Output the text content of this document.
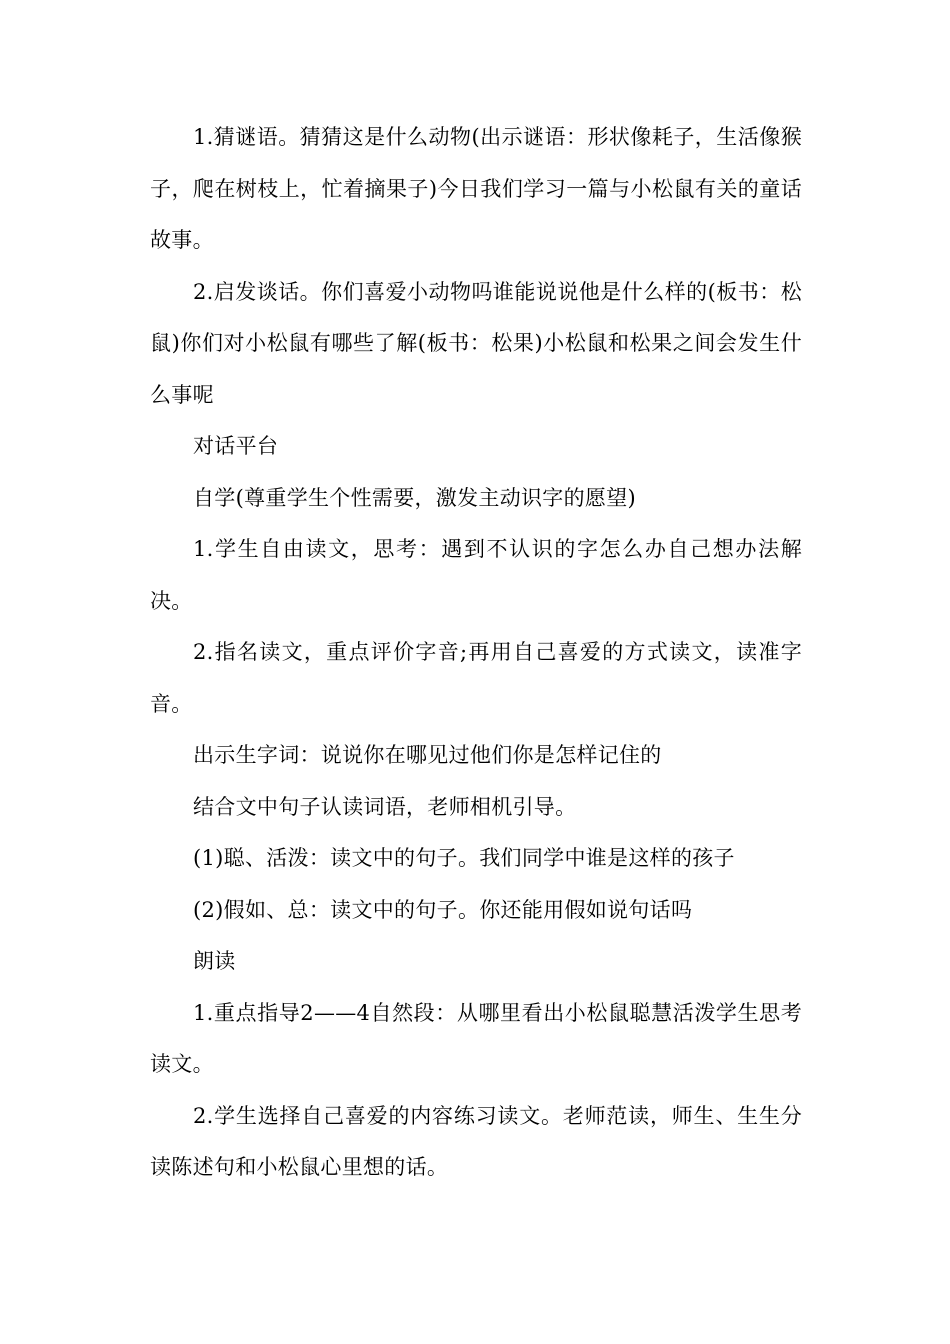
1.猜谜语。猜猜这是什么动物(出示谜语：形状像耗子，生活像猴子，爬在树枝上，忙着摘果子)今日我们学习一篇与小松鼠有关的童话故事。

2.启发谈话。你们喜爱小动物吗谁能说说他是什么样的(板书：松鼠)你们对小松鼠有哪些了解(板书：松果)小松鼠和松果之间会发生什么事呢

对话平台

自学(尊重学生个性需要，激发主动识字的愿望)

1.学生自由读文，思考：遇到不认识的字怎么办自己想办法解决。

2.指名读文，重点评价字音;再用自己喜爱的方式读文，读准字音。

出示生字词：说说你在哪见过他们你是怎样记住的

结合文中句子认读词语，老师相机引导。

(1)聪、活泼：读文中的句子。我们同学中谁是这样的孩子

(2)假如、总：读文中的句子。你还能用假如说句话吗

朗读

1.重点指导2——4自然段：从哪里看出小松鼠聪慧活泼学生思考读文。

2.学生选择自己喜爱的内容练习读文。老师范读，师生、生生分读陈述句和小松鼠心里想的话。
